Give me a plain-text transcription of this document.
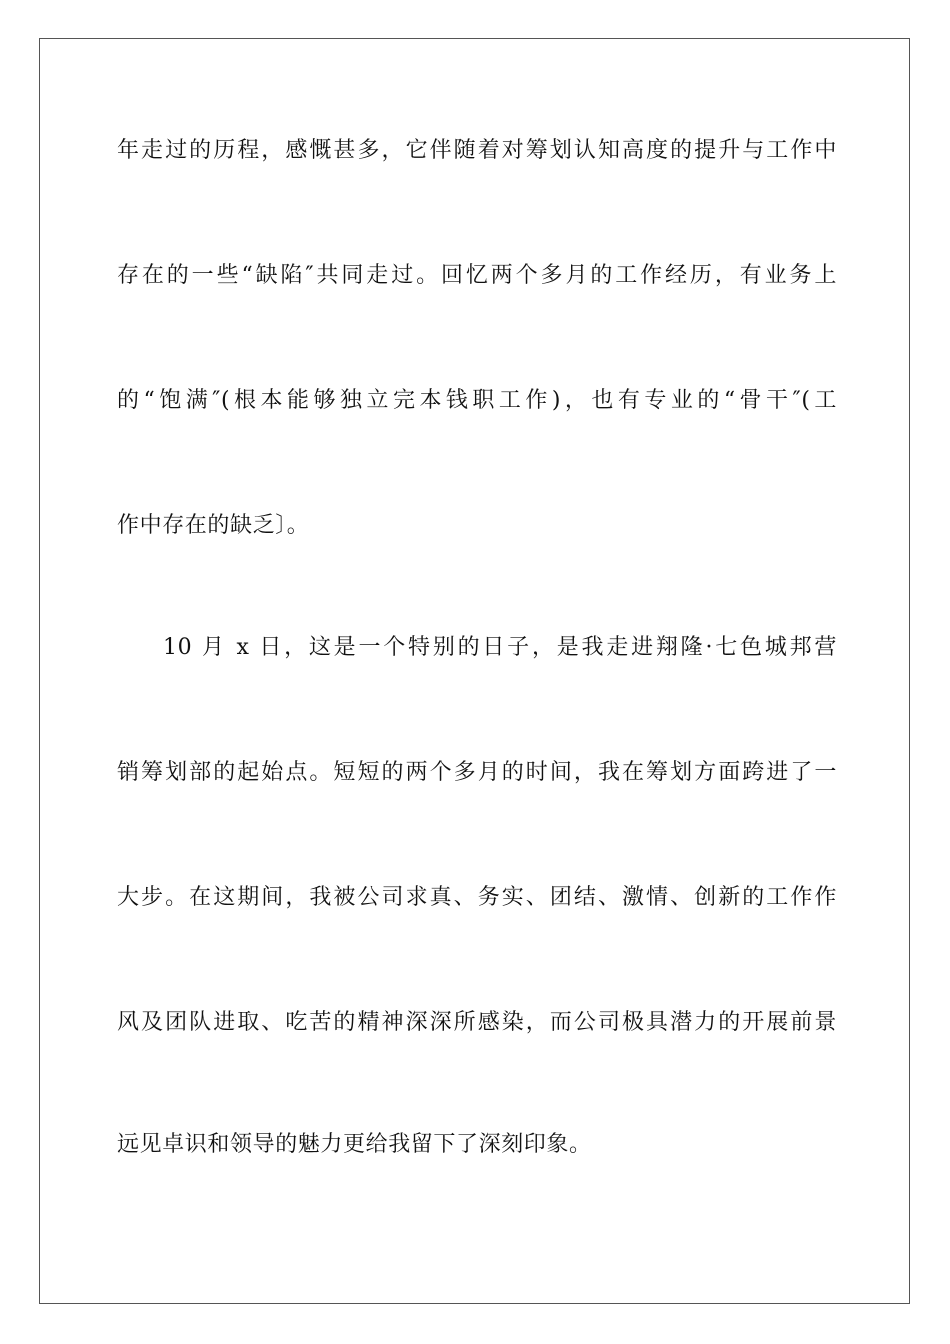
年走过的历程，感慨甚多，它伴随着对筹划认知高度的提升与工作中
存在的一些“缺陷″共同走过。回忆两个多月的工作经历，有业务上
的“饱满″(根本能够独立完本钱职工作)，也有专业的“骨干″(工
作中存在的缺乏〕。
10 月 x 日，这是一个特别的日子，是我走进翔隆·七色城邦营
销筹划部的起始点。短短的两个多月的时间，我在筹划方面跨进了一
大步。在这期间，我被公司求真、务实、团结、激情、创新的工作作
风及团队进取、吃苦的精神深深所感染，而公司极具潜力的开展前景
远见卓识和领导的魅力更给我留下了深刻印象。
